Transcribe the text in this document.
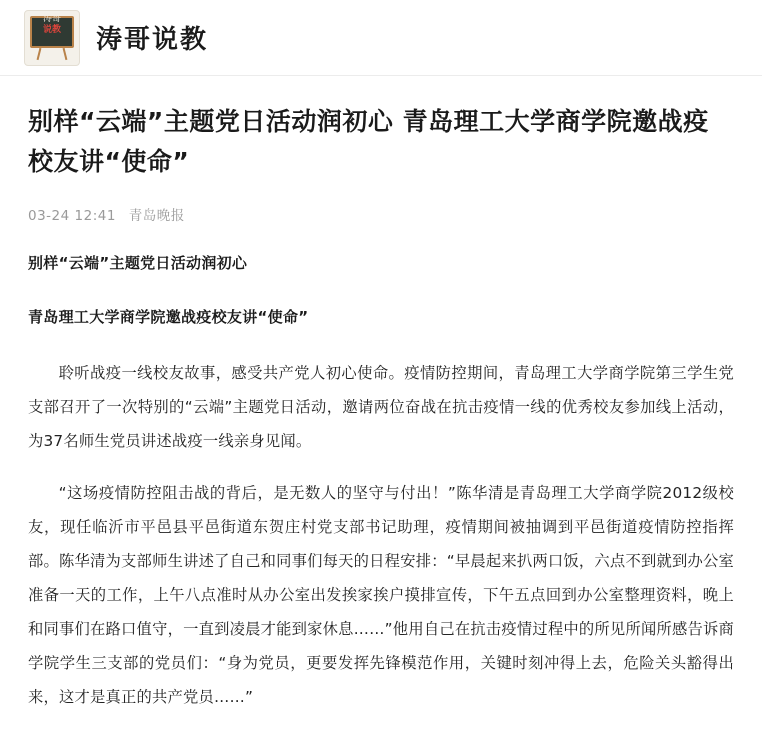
涛哥
说教	涛哥说教
别样“云端”主题党日活动润初心 青岛理工大学商学院邀战疫校友讲“使命”
03-24 12:41 青岛晚报

别样“云端”主题党日活动润初心

青岛理工大学商学院邀战疫校友讲“使命”

聆听战疫一线校友故事，感受共产党人初心使命。疫情防控期间，青岛理工大学商学院第三学生党支部召开了一次特别的“云端”主题党日活动，邀请两位奋战在抗击疫情一线的优秀校友参加线上活动，为37名师生党员讲述战疫一线亲身见闻。

“这场疫情防控阻击战的背后，是无数人的坚守与付出！”陈华清是青岛理工大学商学院2012级校友，现任临沂市平邑县平邑街道东贺庄村党支部书记助理，疫情期间被抽调到平邑街道疫情防控指挥部。陈华清为支部师生讲述了自己和同事们每天的日程安排：“早晨起来扒两口饭，六点不到就到办公室准备一天的工作，上午八点准时从办公室出发挨家挨户摸排宣传，下午五点回到办公室整理资料，晚上和同事们在路口值守，一直到凌晨才能到家休息……”他用自己在抗击疫情过程中的所见所闻所感告诉商学院学生三支部的党员们：“身为党员，更要发挥先锋模范作用，关键时刻冲得上去，危险关头豁得出来，这才是真正的共产党员……”
